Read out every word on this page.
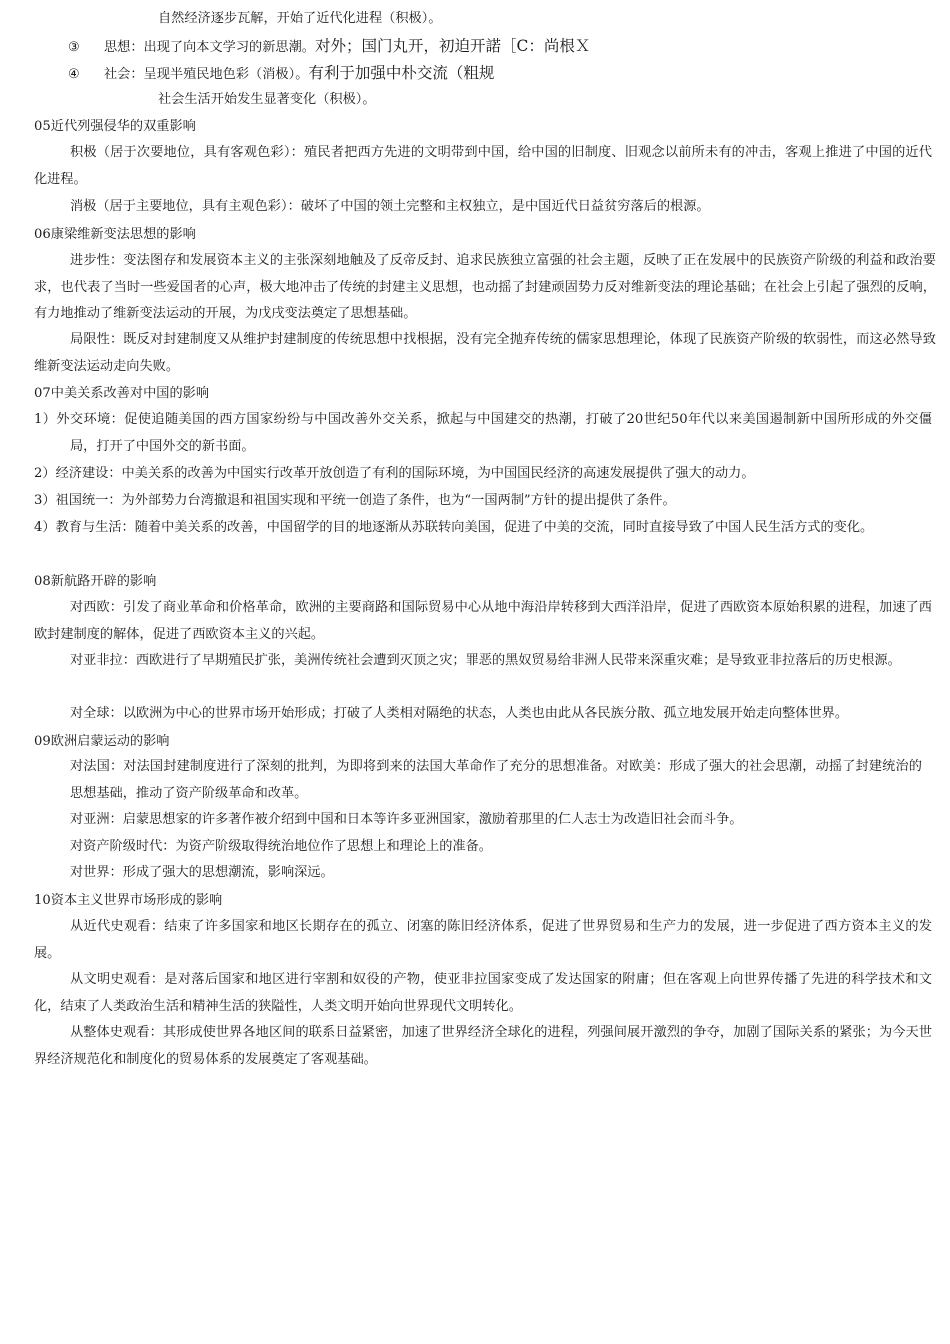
自然经济逐步瓦解，开始了近代化进程（积极）。
③ 思想：出现了向本文学习的新思潮。对外；国门丸开，初迫开諾［C：尚根Ｘ
④ 社会：呈现半殖民地色彩（消极）。有利于加强中朴交流（粗规
社会生活开始发生显著变化（积极）。
05近代列强侵华的双重影响
积极（居于次要地位，具有客观色彩）：殖民者把西方先进的文明带到中国，给中国的旧制度、旧观念以前所未有的冲击，客观上推进了中国的近代化进程。
消极（居于主要地位，具有主观色彩）：破坏了中国的领土完整和主权独立，是中国近代日益贫穷落后的根源。
06康梁维新变法思想的影响
进步性：变法图存和发展资本主义的主张深刻地触及了反帝反封、追求民族独立富强的社会主题，反映了正在发展中的民族资产阶级的利益和政治要求，也代表了当时一些爱国者的心声，极大地冲击了传统的封建主义思想，也动摇了封建顽固势力反对维新变法的理论基础；在社会上引起了强烈的反响，有力地推动了维新变法运动的开展，为戊戌变法奠定了思想基础。
局限性：既反对封建制度又从维护封建制度的传统思想中找根据，没有完全抛弃传统的儒家思想理论，体现了民族资产阶级的软弱性，而这必然导致维新变法运动走向失败。
07中美关系改善对中国的影响
1）外交环境：促使追随美国的西方国家纷纷与中国改善外交关系，掀起与中国建交的热潮，打破了20世纪50年代以来美国遏制新中国所形成的外交僵局，打开了中国外交的新书面。
2）经济建设：中美关系的改善为中国实行改革开放创造了有利的国际环境，为中国国民经济的高速发展提供了强大的动力。
3）祖国统一：为外部势力台湾撤退和祖国实现和平统一创造了条件，也为“一国两制”方针的提出提供了条件。
4）教育与生活：随着中美关系的改善，中国留学的目的地逐渐从苏联转向美国，促进了中美的交流，同时直接导致了中国人民生活方式的变化。
08新航路开辟的影响
对西欧：引发了商业革命和价格革命，欧洲的主要商路和国际贸易中心从地中海沿岸转移到大西洋沿岸，促进了西欧资本原始积累的进程，加速了西欧封建制度的解体，促进了西欧资本主义的兴起。
对亚非拉：西欧进行了早期殖民扩张，美洲传统社会遭到灭顶之灾；罪恶的黑奴贸易给非洲人民带来深重灾难；是导致亚非拉落后的历史根源。
对全球：以欧洲为中心的世界市场开始形成；打破了人类相对隔绝的状态，人类也由此从各民族分散、孤立地发展开始走向整体世界。
09欧洲启蒙运动的影响
对法国：对法国封建制度进行了深刻的批判，为即将到来的法国大革命作了充分的思想准备。对欧美：形成了强大的社会思潮，动摇了封建统治的思想基础，推动了资产阶级革命和改革。
对亚洲：启蒙思想家的许多著作被介绍到中国和日本等许多亚洲国家，激励着那里的仁人志士为改造旧社会而斗争。
对资产阶级时代：为资产阶级取得统治地位作了思想上和理论上的准备。
对世界：形成了强大的思想潮流，影响深远。
10资本主义世界市场形成的影响
从近代史观看：结束了许多国家和地区长期存在的孤立、闭塞的陈旧经济体系，促进了世界贸易和生产力的发展，进一步促进了西方资本主义的发展。
从文明史观看：是对落后国家和地区进行宰割和奴役的产物，使亚非拉国家变成了发达国家的附庸；但在客观上向世界传播了先进的科学技术和文化，结束了人类政治生活和精神生活的狭隘性，人类文明开始向世界现代文明转化。
从整体史观看：其形成使世界各地区间的联系日益紧密，加速了世界经济全球化的进程，列强间展开激烈的争夺，加剧了国际关系的紧张；为今天世界经济规范化和制度化的贸易体系的发展奠定了客观基础。
